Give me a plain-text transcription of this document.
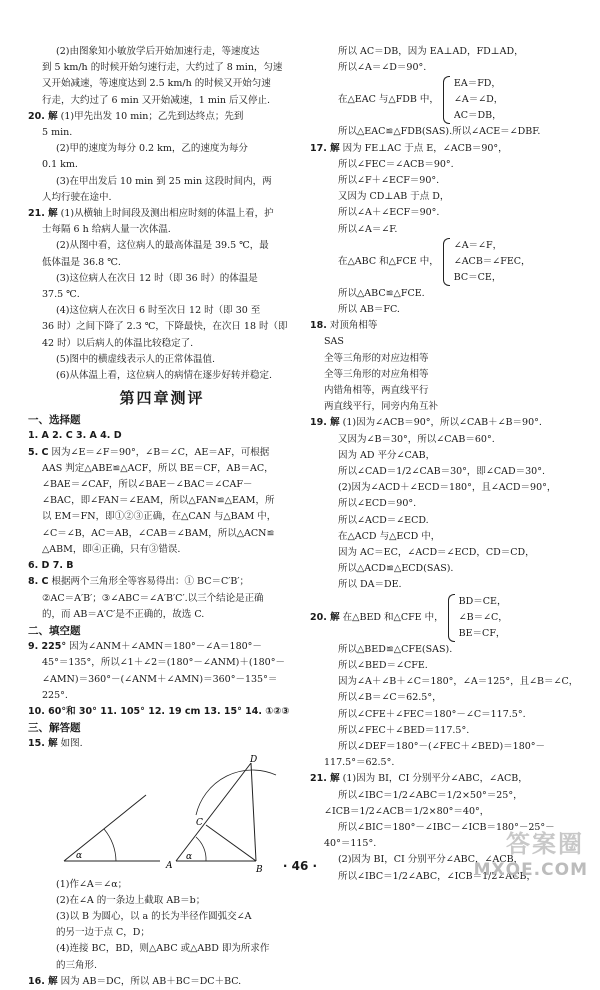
(2)由图象知小敏放学后开始加速行走，等速度达
到 5 km/h 的时候开始匀速行走，大约过了 8 min，匀速
又开始减速，等速度达到 2.5 km/h 的时候又开始匀速
行走，大约过了 6 min 又开始减速，1 min 后又停止.
20. 解 (1)甲先出发 10 min；乙先到达终点；先到
5 min.
(2)甲的速度为每分 0.2 km，乙的速度为每分
0.1 km.
(3)在甲出发后 10 min 到 25 min 这段时间内，两
人均行驶在途中.
21. 解 (1)从横轴上时间段及测出相应时刻的体温上看，护
士每隔 6 h 给病人量一次体温.
(2)从图中看，这位病人的最高体温是 39.5 ℃，最
低体温是 36.8 ℃.
(3)这位病人在次日 12 时（即 36 时）的体温是
37.5 ℃.
(4)这位病人在次日 6 时至次日 12 时（即 30 至
36 时）之间下降了 2.3 ℃，下降最快，在次日 18 时（即
42 时）以后病人的体温比较稳定了.
(5)图中的横虚线表示人的正常体温值.
(6)从体温上看，这位病人的病情在逐步好转并稳定.
第四章测评
一、选择题
1. A 2. C 3. A 4. D
5. C 因为∠E＝∠F＝90°，∠B＝∠C，AE＝AF，可根据
AAS 判定△ABE≌△ACF，所以 BE＝CF，AB＝AC，
∠BAE＝∠CAF，所以∠BAE－∠BAC＝∠CAF－
∠BAC，即∠FAN＝∠EAM，所以△FAN≌△EAM，所
以 EM＝FN，即①②③正确，在△CAN 与△BAM 中，
∠C＝∠B，AC＝AB，∠CAB＝∠BAM，所以△ACN≌
△ABM，即④正确，只有③错误.
6. D 7. B
8. C 根据两个三角形全等容易得出：① BC＝C′B′；
②AC＝A′B′；③∠ABC＝∠A′B′C′.以三个结论是正确
的，而 AB＝A′C′是不正确的，故选 C.
二、填空题
9. 225° 因为∠ANM＋∠AMN＝180°－∠A＝180°－
45°＝135°，所以∠1＋∠2＝(180°－∠ANM)＋(180°－
∠AMN)＝360°－(∠ANM＋∠AMN)＝360°－135°＝
225°.
10. 60°和 30° 11. 105° 12. 19 cm 13. 15° 14. ①②③
三、解答题
15. 解 如图.
α	α
A	B
C
D
(1)作∠A＝∠α；
(2)在∠A 的一条边上截取 AB＝b；
(3)以 B 为圆心，以 a 的长为半径作圆弧交∠A
的另一边于点 C，D；
(4)连接 BC，BD，则△ABC 或△ABD 即为所求作
的三角形.
16. 解 因为 AB＝DC，所以 AB＋BC＝DC＋BC.
所以 AC＝DB，因为 EA⊥AD，FD⊥AD，
所以∠A＝∠D＝90°.
在△EAC 与△FDB 中，
EA＝FD，
∠A＝∠D，
AC＝DB，
所以△EAC≌△FDB(SAS).所以∠ACE＝∠DBF.
17. 解 因为 FE⊥AC 于点 E，∠ACB＝90°，
所以∠FEC＝∠ACB＝90°.
所以∠F＋∠ECF＝90°.
又因为 CD⊥AB 于点 D，
所以∠A＋∠ECF＝90°.
所以∠A＝∠F.
在△ABC 和△FCE 中，
∠A＝∠F，
∠ACB＝∠FEC，
BC＝CE，
所以△ABC≌△FCE.
所以 AB＝FC.
18. 对顶角相等
SAS
全等三角形的对应边相等
全等三角形的对应角相等
内错角相等，两直线平行
两直线平行，同旁内角互补
19. 解 (1)因为∠ACB＝90°，所以∠CAB＋∠B＝90°.
又因为∠B＝30°，所以∠CAB＝60°.
因为 AD 平分∠CAB，
所以∠CAD＝1/2∠CAB＝30°，即∠CAD＝30°.
(2)因为∠ACD＋∠ECD＝180°，且∠ACD＝90°，
所以∠ECD＝90°.
所以∠ACD＝∠ECD.
在△ACD 与△ECD 中，
因为 AC＝EC，∠ACD＝∠ECD，CD＝CD，
所以△ACD≌△ECD(SAS).
所以 DA＝DE.
20. 解 在△BED 和△CFE 中，
BD＝CE，
∠B＝∠C，
BE＝CF，
所以△BED≌△CFE(SAS).
所以∠BED＝∠CFE.
因为∠A＋∠B＋∠C＝180°，∠A＝125°，且∠B＝∠C，
所以∠B＝∠C＝62.5°，
所以∠CFE＋∠FEC＝180°－∠C＝117.5°.
所以∠FEC＋∠BED＝117.5°.
所以∠DEF＝180°－(∠FEC＋∠BED)＝180°－
117.5°＝62.5°.
21. 解 (1)因为 BI，CI 分别平分∠ABC，∠ACB，
所以∠IBC＝1/2∠ABC＝1/2×50°＝25°，
∠ICB＝1/2∠ACB＝1/2×80°＝40°，
所以∠BIC＝180°－∠IBC－∠ICB＝180°－25°－
40°＝115°.
(2)因为 BI，CI 分别平分∠ABC，∠ACB，
所以∠IBC＝1/2∠ABC，∠ICB＝1/2∠ACB，
· 46 ·
答案圈
MXQE.COM
